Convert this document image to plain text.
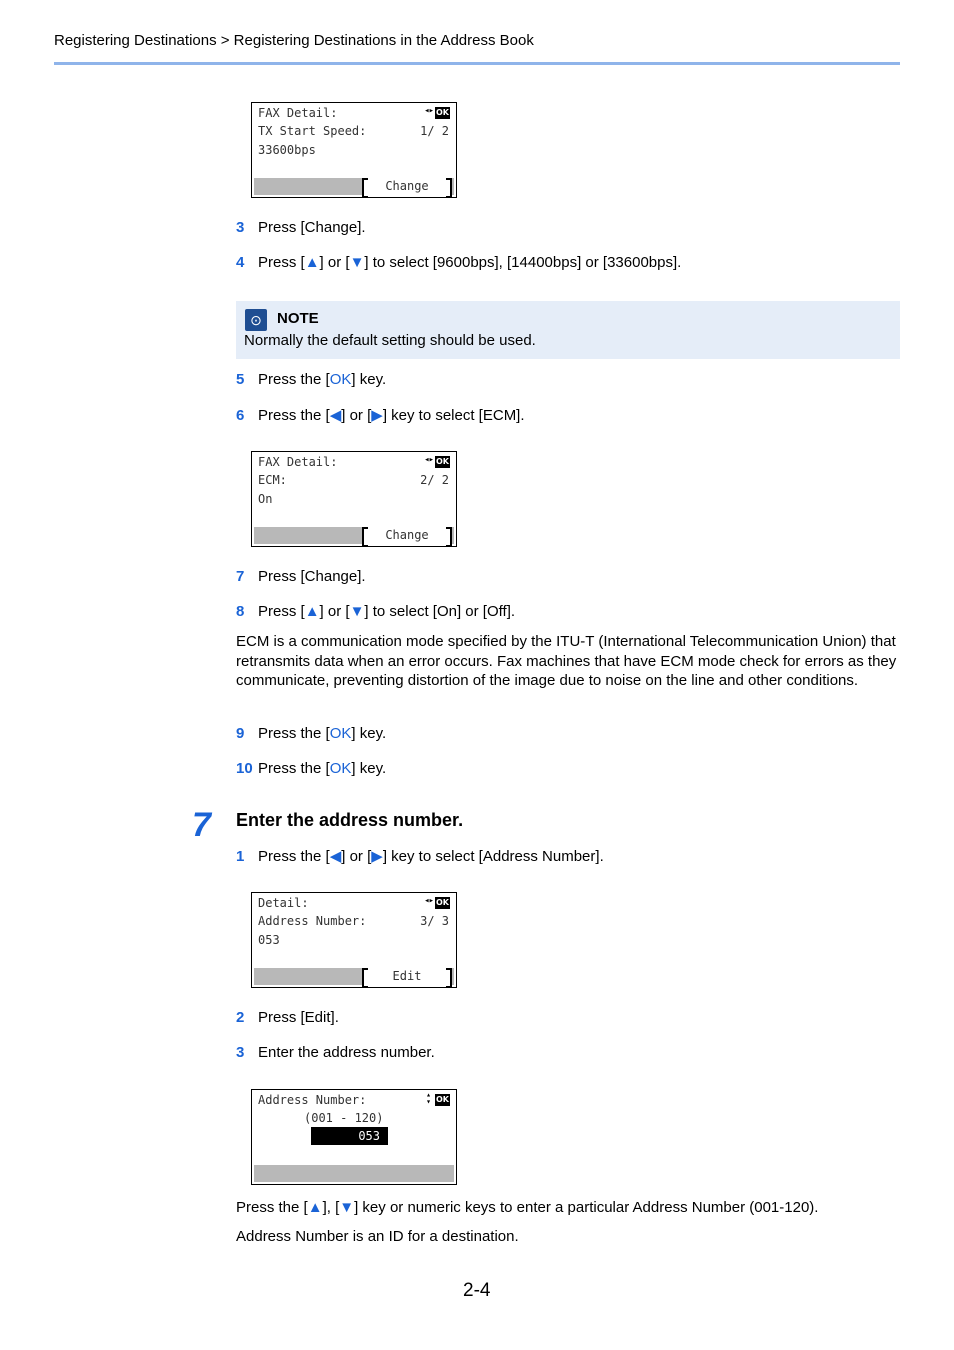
Registering Destinations > Registering Destinations in the Address Book
FAX Detail:	◂▸ OK
TX Start Speed:	1/ 2
33600bps
Change
3 Press [Change].
4 Press [▲] or [▼] to select [9600bps], [14400bps] or [33600bps].
⊙	NOTE
Normally the default setting should be used.
5 Press the [OK] key.
6 Press the [◀] or [▶] key to select [ECM].
FAX Detail:	◂▸ OK
ECM:	2/ 2
On
Change
7 Press [Change].
8 Press [▲] or [▼] to select [On] or [Off].
ECM is a communication mode specified by the ITU-T (International Telecommunication Union) that retransmits data when an error occurs. Fax machines that have ECM mode check for errors as they communicate, preventing distortion of the image due to noise on the line and other conditions.
9 Press the [OK] key.
10 Press the [OK] key.
7 Enter the address number.
1 Press the [◀] or [▶] key to select [Address Number].
Detail:	◂▸ OK
Address Number:	3/ 3
053
Edit
2 Press [Edit].
3 Enter the address number.
Address Number:	▴
▾ OK
(001 - 120)
053
Press the [▲], [▼] key or numeric keys to enter a particular Address Number (001-120).
Address Number is an ID for a destination.
2-4
